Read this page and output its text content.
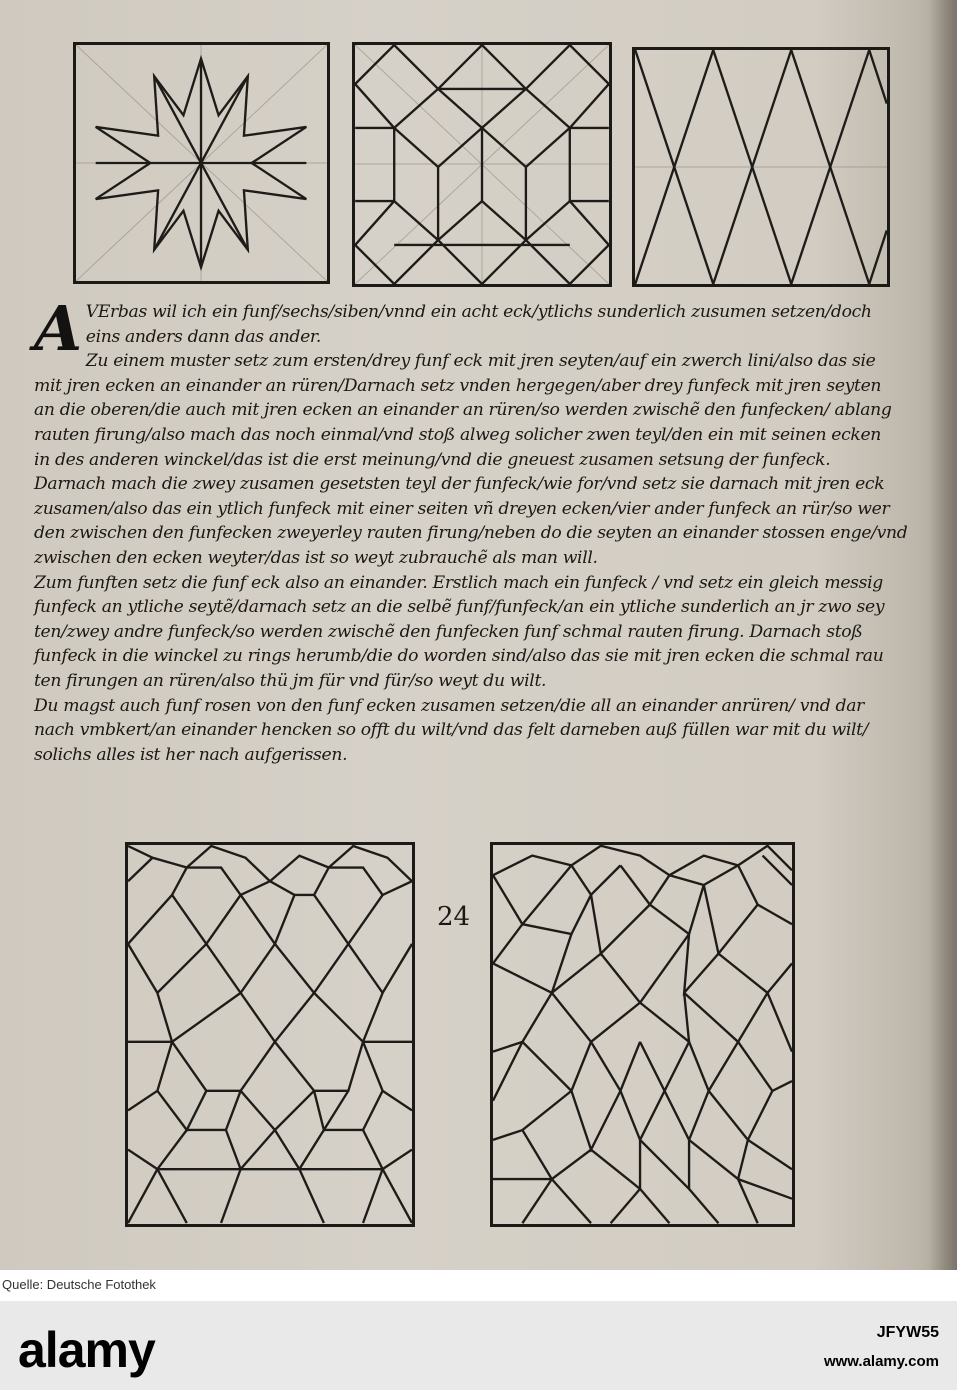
A VErbas wil ich ein funf/sechs/siben/vnnd ein acht eck/ytlichs sunderlich zusumen setzen/doch
eins anders dann das ander.
Zu einem muster setz zum ersten/drey funf eck mit jren seyten/auf ein zwerch lini/also das sie
mit jren ecken an einander an rüren/Darnach setz vnden hergegen/aber drey funfeck mit jren seyten
an die oberen/die auch mit jren ecken an einander an rüren/so werden zwischẽ den funfecken/ ablang
rauten firung/also mach das noch einmal/vnd stoß alweg solicher zwen teyl/den ein mit seinen ecken
in des anderen winckel/das ist die erst meinung/vnd die gneuest zusamen setsung der funfeck.
Darnach mach die zwey zusamen gesetsten teyl der funfeck/wie for/vnd setz sie darnach mit jren eck
zusamen/also das ein ytlich funfeck mit einer seiten vñ dreyen ecken/vier ander funfeck an rür/so wer
den zwischen den funfecken zweyerley rauten firung/neben do die seyten an einander stossen enge/vnd
zwischen den ecken weyter/das ist so weyt zubrauchẽ als man will.
Zum funften setz die funf eck also an einander. Erstlich mach ein funfeck / vnd setz ein gleich messig
funfeck an ytliche seytẽ/darnach setz an die selbẽ funf/funfeck/an ein ytliche sunderlich an jr zwo sey
ten/zwey andre funfeck/so werden zwischẽ den funfecken funf schmal rauten firung. Darnach stoß
funfeck in die winckel zu rings herumb/die do worden sind/also das sie mit jren ecken die schmal rau
ten firungen an rüren/also thü jm für vnd für/so weyt du wilt.
Du magst auch funf rosen von den funf ecken zusamen setzen/die all an einander anrüren/ vnd dar
nach vmbkert/an einander hencken so offt du wilt/vnd das felt darneben auß füllen war mit du wilt/
solichs alles ist her nach aufgerissen.
24
Quelle: Deutsche Fotothek
alamy	JFYW55
www.alamy.com
